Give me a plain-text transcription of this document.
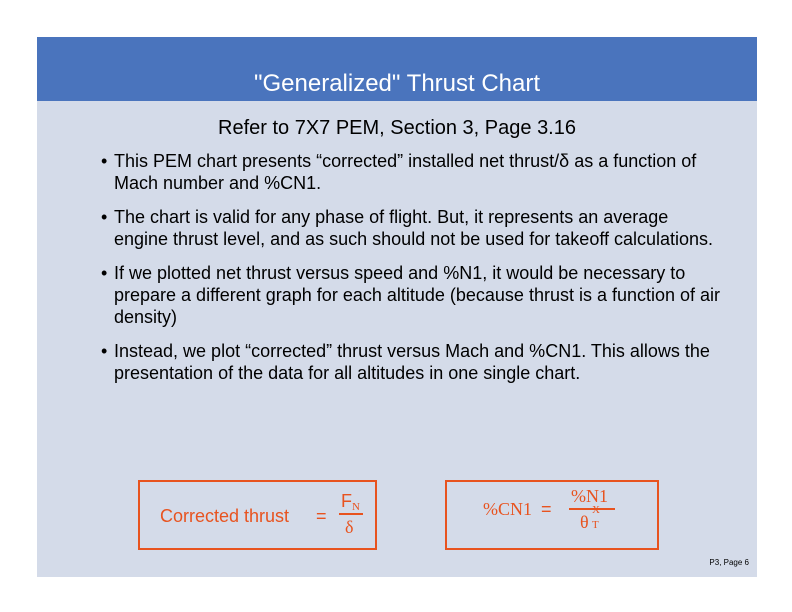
"Generalized" Thrust Chart
Refer to 7X7 PEM, Section 3, Page 3.16
• This PEM chart presents “corrected” installed net thrust/δ as a function of Mach number and %CN1.
• The chart is valid for any phase of flight. But, it represents an average engine thrust level, and as such should not be used for takeoff calculations.
• If we plotted net thrust versus speed and %N1, it would be necessary to prepare a different graph for each altitude (because thrust is a function of air density)
• Instead, we plot “corrected” thrust versus Mach and %CN1. This allows the presentation of the data for all altitudes in one single chart.
Corrected thrust =
$F_N$
δ
%CN1 =
%N1
θ
X
T
P3, Page 6
